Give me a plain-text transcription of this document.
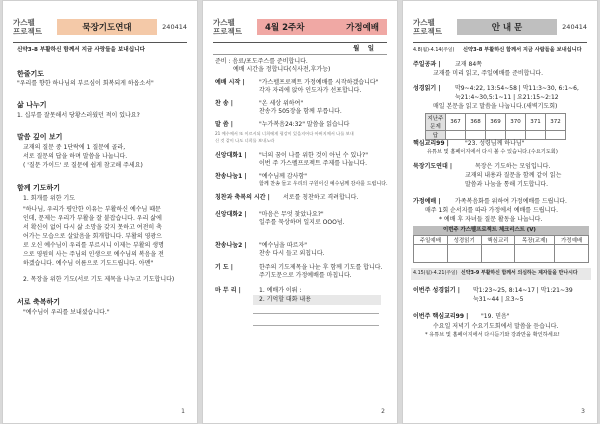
가스펠
프로젝트	묵장기도연대	240414
신약3-8 부활하신 함께서 지금 사랑들을 보내십니다
한줄기도
"우리를 향한 하나님의 부르심이 회복되게 하옵소서"
삶 나누기
1. 십부를 잘못해서 당황스러웠던 적이 있나요?
말씀 깊이 보기
교재의 질문 중 1단락에 1 질문에 골라,
서로 질문의 답을 하며 말씀을 나눕니다.
( '질문 가이드' 로 질문에 쉽게 참고해 주세요)
함께 기도하기
1. 회개를 위한 기도
"하나님, 우리가 평안한 이유는 부활하신 예수님 때문
인데, 문제는 우리가 부활을 잘 붙잡습니다. 우리 삶에
서 확신이 없어 다시 삶 소망을 갖지 못하고 여전히 축
어가는 모습으로 살았음을 회개합니다. 부활의 영광으
로 오신 예수님이 우리를 부르시니 이제는 부활의 생명
으로 영원히 사는 주님의 인생으로 예수님의 복음을 전
하겠습니다. 예수님 이름으로 기도드립니다. 아멘"
2. 목장을 위한 기도(서로 기도 제목을 나누고 기도합니다)
서로 축복하기
"예수님이 우리를 보내셨습니다."
1
가스펠
프로젝트	4월 2주차	가정예배
월 일
준비 : 음료/포도주스를 준비합니다.
예배 시간을 정합니다(식사전,후가능)
예배 시작 | "가스펠프로젝트 가정예배를 시작하겠습니다"
각자 자리에 앉아 인도자가 선포합니다.
찬 송 |	"온 세상 위하여"
찬송가 505장을 함께 부릅니다.
말 씀 |	"누가복음24:32" 말씀을 읽습니다
21 예수께서 또 이르시되 너희에게 평강이 있을지어다 아버지께서 나를 보내
신 것 같이 나도 너희를 보내노라
신앙대화1 | "너의 꿈이 나를 위한 것이 아닌 수 있나?"
이번 주 가스펠프로젝트 주제를 나눕니다.
찬송나눔1 | "예수님께 감사함"
함께 찬송 들고 우리의 구원이신 예수님께 감사를 드립니다.
칭찬과 축복의 시간 | 서로를 칭찬하고 격려합니다.
신앙대화2 | "마음은 무엇 찾았나요?"
일주를 묵상하며 일지로 OOO넘.
찬송나눔2 | "예수님을 따르자"
찬송 다시 들고 외칩니다.
기 도 |	한주의 기도제목을 나눈 후 함께 기도를 합니다.
주기도문으로 가정예배를 마칩니다.
마 무 리 |	1. 예배가 이뤄 :
2. 기억할 대화 내용
2
가스펠
프로젝트	안 내 문	240414
4.8(월)-4.14(주일) 신약3-8 부활하신 함께서 지금 사람들을 보내십니다
주일공과 | 교재 84쪽
교재를 미리 읽고, 주일예배를 준비합니다.
성경읽기 | 막9~4:22, 13:54~58 | 막11:3~30, 6:1~6,
눅21:4~30,5:1~11 | 요21:15~2:12
매일 본문을 읽고 말씀을 나눕니다.(새벽기도회)
지난주 문제	367	368	369	370	371	372
답						
핵심교리99 |	"23. 성령님께 하나님"
유튜브 및 홈페이지에서 다시 볼 수 있습니다.(수요기도회)
묵장기도연대 |	목장은 기도하는 모임입니다.
교재의 내용과 질문을 함께 같이 읽는
말씀과 나눔을 통해 기도합니다.
가정예배 | 가족복음화를 위하여 가정예배를 드립니다.
매주 1회 순서지를 따라 가정에서 예배를 드립니다.
* 예배 후 자녀들 질문 활동을 나눕니다.
이번주 가스펠프로젝트 체크리스트 (V)
주일예배	성경읽기	핵심교리	목장(교제)	가정예배

4.15(월)-4.21(주일) 신약3-9 부활하신 함께서 의심하는 제자들을 만나시다
이번주 성경읽기 | 막1:23~25, 8:14~17 | 막1:21~39
눅31~44 | 요3~5
이번주 핵심교리99 | "19. 믿음"
수요일 저녁기 수요기도회에서 말씀을 듣습니다.
* 유튜브 및 홈페이지에서 다시듣기와 강좌만을 확인하세요!
3
